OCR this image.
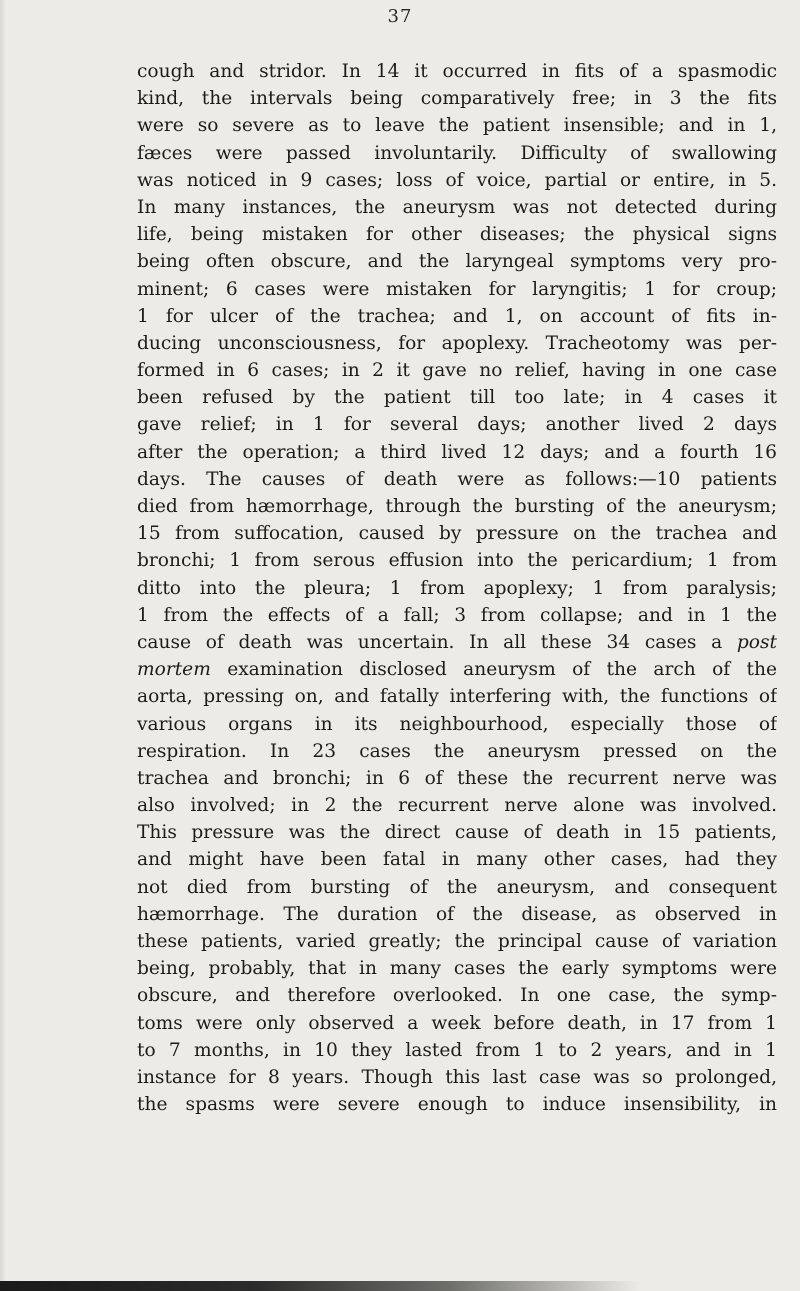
37
cough and stridor. In 14 it occurred in fits of a spasmodic
kind, the intervals being comparatively free; in 3 the fits
were so severe as to leave the patient insensible; and in 1,
fæces were passed involuntarily. Difficulty of swallowing
was noticed in 9 cases; loss of voice, partial or entire, in 5.
In many instances, the aneurysm was not detected during
life, being mistaken for other diseases; the physical signs
being often obscure, and the laryngeal symptoms very pro-
minent; 6 cases were mistaken for laryngitis; 1 for croup;
1 for ulcer of the trachea; and 1, on account of fits in-
ducing unconsciousness, for apoplexy. Tracheotomy was per-
formed in 6 cases; in 2 it gave no relief, having in one case
been refused by the patient till too late; in 4 cases it
gave relief; in 1 for several days; another lived 2 days
after the operation; a third lived 12 days; and a fourth 16
days. The causes of death were as follows:—10 patients
died from hæmorrhage, through the bursting of the aneurysm;
15 from suffocation, caused by pressure on the trachea and
bronchi; 1 from serous effusion into the pericardium; 1 from
ditto into the pleura; 1 from apoplexy; 1 from paralysis;
1 from the effects of a fall; 3 from collapse; and in 1 the
cause of death was uncertain. In all these 34 cases a post
mortem examination disclosed aneurysm of the arch of the
aorta, pressing on, and fatally interfering with, the functions of
various organs in its neighbourhood, especially those of
respiration. In 23 cases the aneurysm pressed on the
trachea and bronchi; in 6 of these the recurrent nerve was
also involved; in 2 the recurrent nerve alone was involved.
This pressure was the direct cause of death in 15 patients,
and might have been fatal in many other cases, had they
not died from bursting of the aneurysm, and consequent
hæmorrhage. The duration of the disease, as observed in
these patients, varied greatly; the principal cause of variation
being, probably, that in many cases the early symptoms were
obscure, and therefore overlooked. In one case, the symp-
toms were only observed a week before death, in 17 from 1
to 7 months, in 10 they lasted from 1 to 2 years, and in 1
instance for 8 years. Though this last case was so prolonged,
the spasms were severe enough to induce insensibility, in
